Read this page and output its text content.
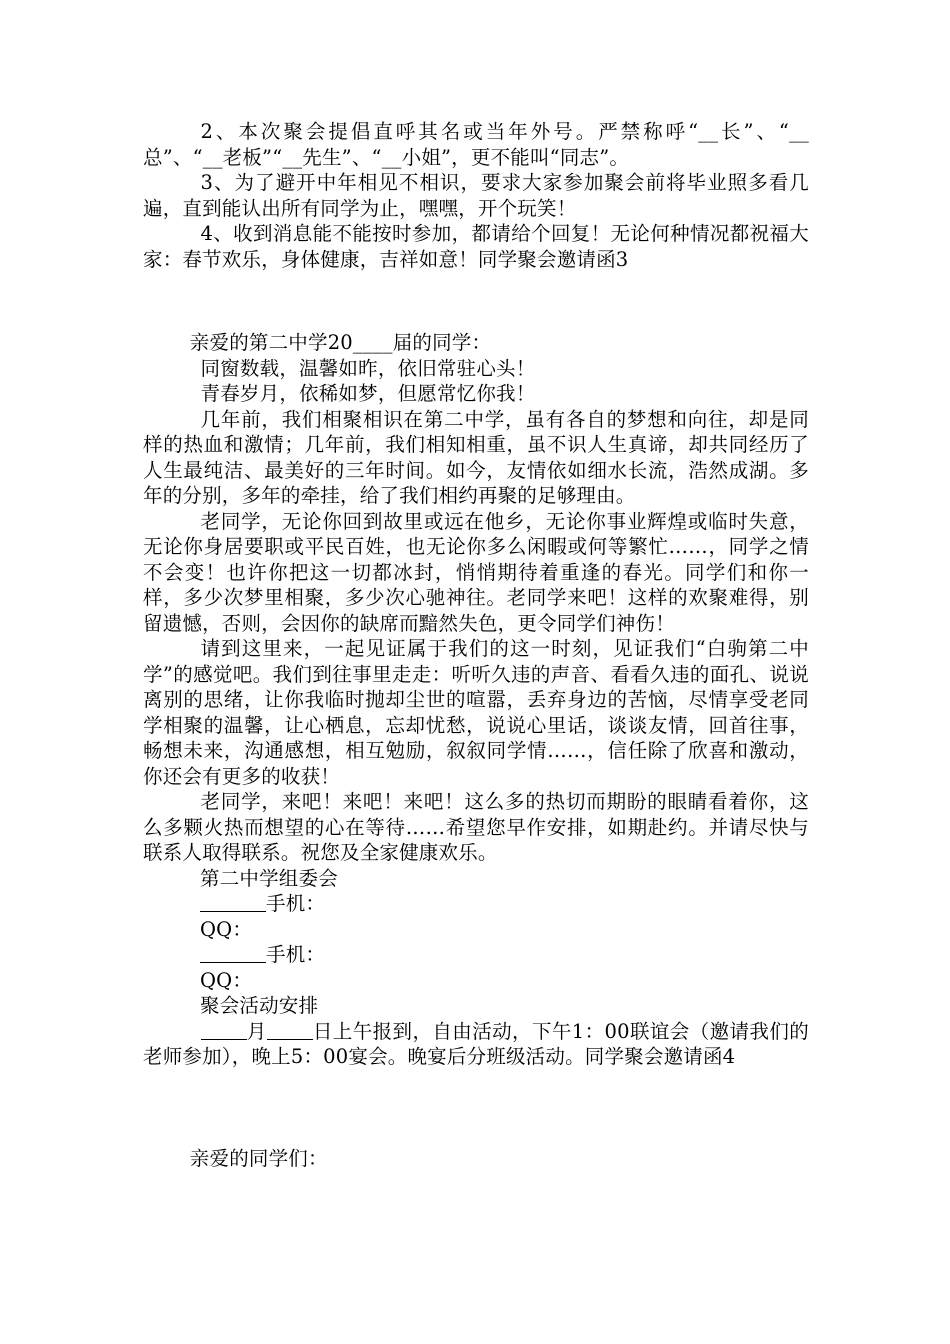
2、本次聚会提倡直呼其名或当年外号。严禁称呼“__长”、“__总”、“__老板”“__先生”、“__小姐”，更不能叫“同志”。

3、为了避开中年相见不相识，要求大家参加聚会前将毕业照多看几遍，直到能认出所有同学为止，嘿嘿，开个玩笑！

4、收到消息能不能按时参加，都请给个回复！无论何种情况都祝福大家：春节欢乐，身体健康，吉祥如意！同学聚会邀请函3

亲爱的第二中学20____届的同学：

同窗数载，温馨如昨，依旧常驻心头！

青春岁月，依稀如梦，但愿常忆你我！

几年前，我们相聚相识在第二中学，虽有各自的梦想和向往，却是同样的热血和激情；几年前，我们相知相重，虽不识人生真谛，却共同经历了人生最纯洁、最美好的三年时间。如今，友情依如细水长流，浩然成湖。多年的分别，多年的牵挂，给了我们相约再聚的足够理由。

老同学，无论你回到故里或远在他乡，无论你事业辉煌或临时失意，无论你身居要职或平民百姓，也无论你多么闲暇或何等繁忙……，同学之情不会变！也许你把这一切都冰封，悄悄期待着重逢的春光。同学们和你一样，多少次梦里相聚，多少次心驰神往。老同学来吧！这样的欢聚难得，别留遗憾，否则，会因你的缺席而黯然失色，更令同学们神伤！

请到这里来，一起见证属于我们的这一时刻，见证我们“白驹第二中学”的感觉吧。我们到往事里走走：听听久违的声音、看看久违的面孔、说说离别的思绪，让你我临时抛却尘世的喧嚣，丢弃身边的苦恼，尽情享受老同学相聚的温馨，让心栖息，忘却忧愁，说说心里话，谈谈友情，回首往事，畅想未来，沟通感想，相互勉励，叙叙同学情……，信任除了欣喜和激动，你还会有更多的收获！

老同学，来吧！来吧！来吧！这么多的热切而期盼的眼睛看着你，这么多颗火热而想望的心在等待……希望您早作安排，如期赴约。并请尽快与联系人取得联系。祝您及全家健康欢乐。

第二中学组委会

手机：

QQ：

手机：

QQ：

聚会活动安排

月 日上午报到，自由活动，下午1：00联谊会（邀请我们的老师参加），晚上5：00宴会。晚宴后分班级活动。同学聚会邀请函4

亲爱的同学们：
